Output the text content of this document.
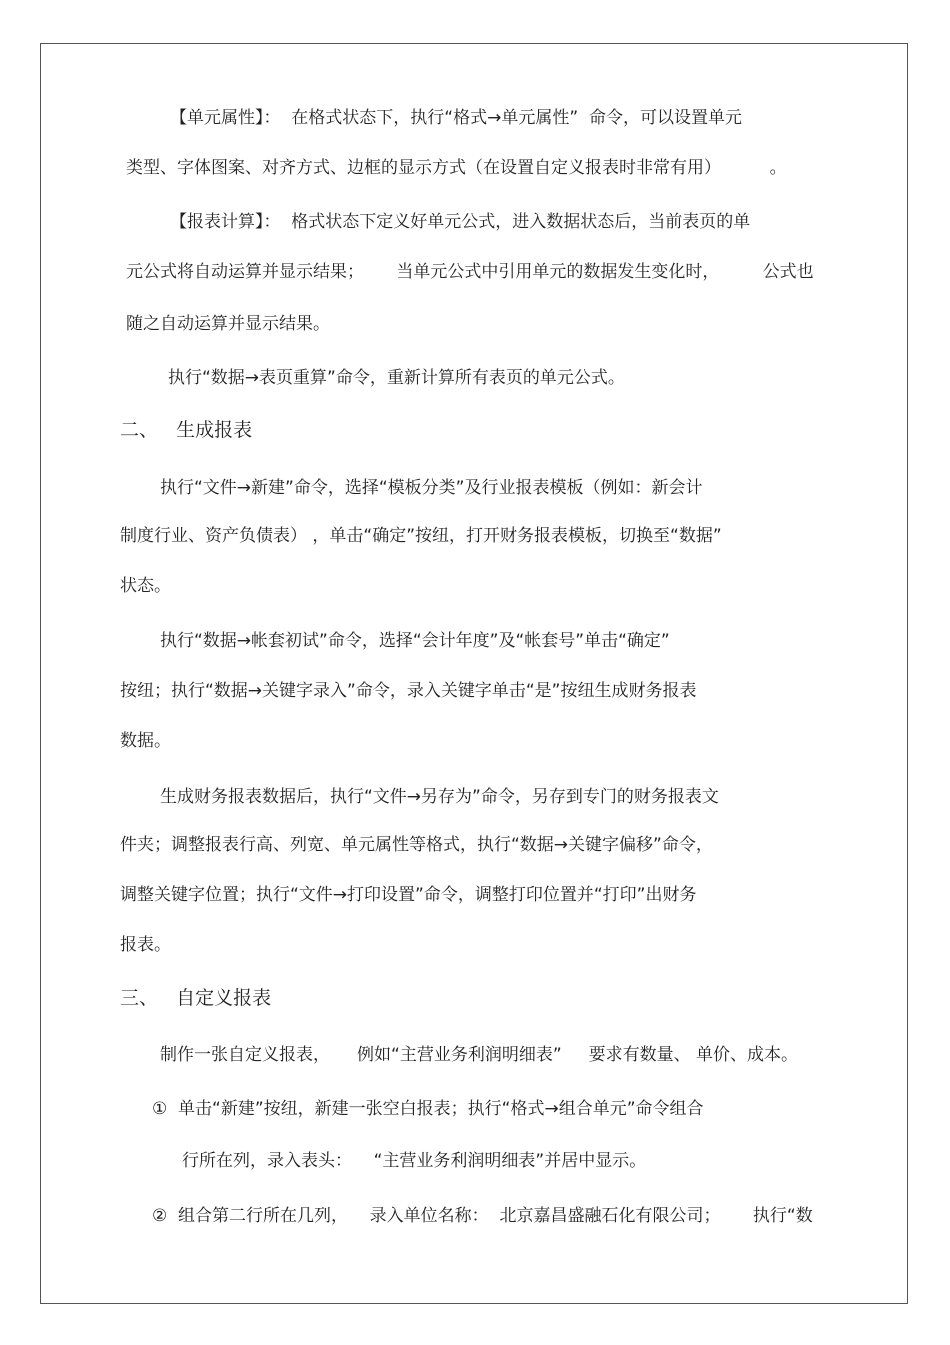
【单元属性】：  在格式状态下，执行“格式→单元属性”  命令，可以设置单元
类型、字体图案、对齐方式、边框的显示方式（在设置自定义报表时非常有用）         。
【报表计算】：  格式状态下定义好单元公式，进入数据状态后，当前表页的单
元公式将自动运算并显示结果；      当单元公式中引用单元的数据发生变化时，        公式也
随之自动运算并显示结果。
执行“数据→表页重算”命令，重新计算所有表页的单元公式。
二、   生成报表
执行“文件→新建”命令，选择“模板分类”及行业报表模板（例如：新会计
制度行业、资产负债表） ，单击“确定”按纽，打开财务报表模板，切换至“数据”
状态。
执行“数据→帐套初试”命令，选择“会计年度”及“帐套号”单击“确定”
按纽；执行“数据→关键字录入”命令，录入关键字单击“是”按纽生成财务报表
数据。
生成财务报表数据后，执行“文件→另存为”命令，另存到专门的财务报表文
件夹；调整报表行高、列宽、单元属性等格式，执行“数据→关键字偏移”命令，
调整关键字位置；执行“文件→打印设置”命令，调整打印位置并“打印”出财务
报表。
三、   自定义报表
制作一张自定义报表，     例如“主营业务利润明细表”     要求有数量、 单价、成本。
①  单击“新建”按纽，新建一张空白报表；执行“格式→组合单元”命令组合
行所在列，录入表头：    “主营业务利润明细表”并居中显示。
②  组合第二行所在几列，    录入单位名称：  北京嘉昌盛融石化有限公司；      执行“数
